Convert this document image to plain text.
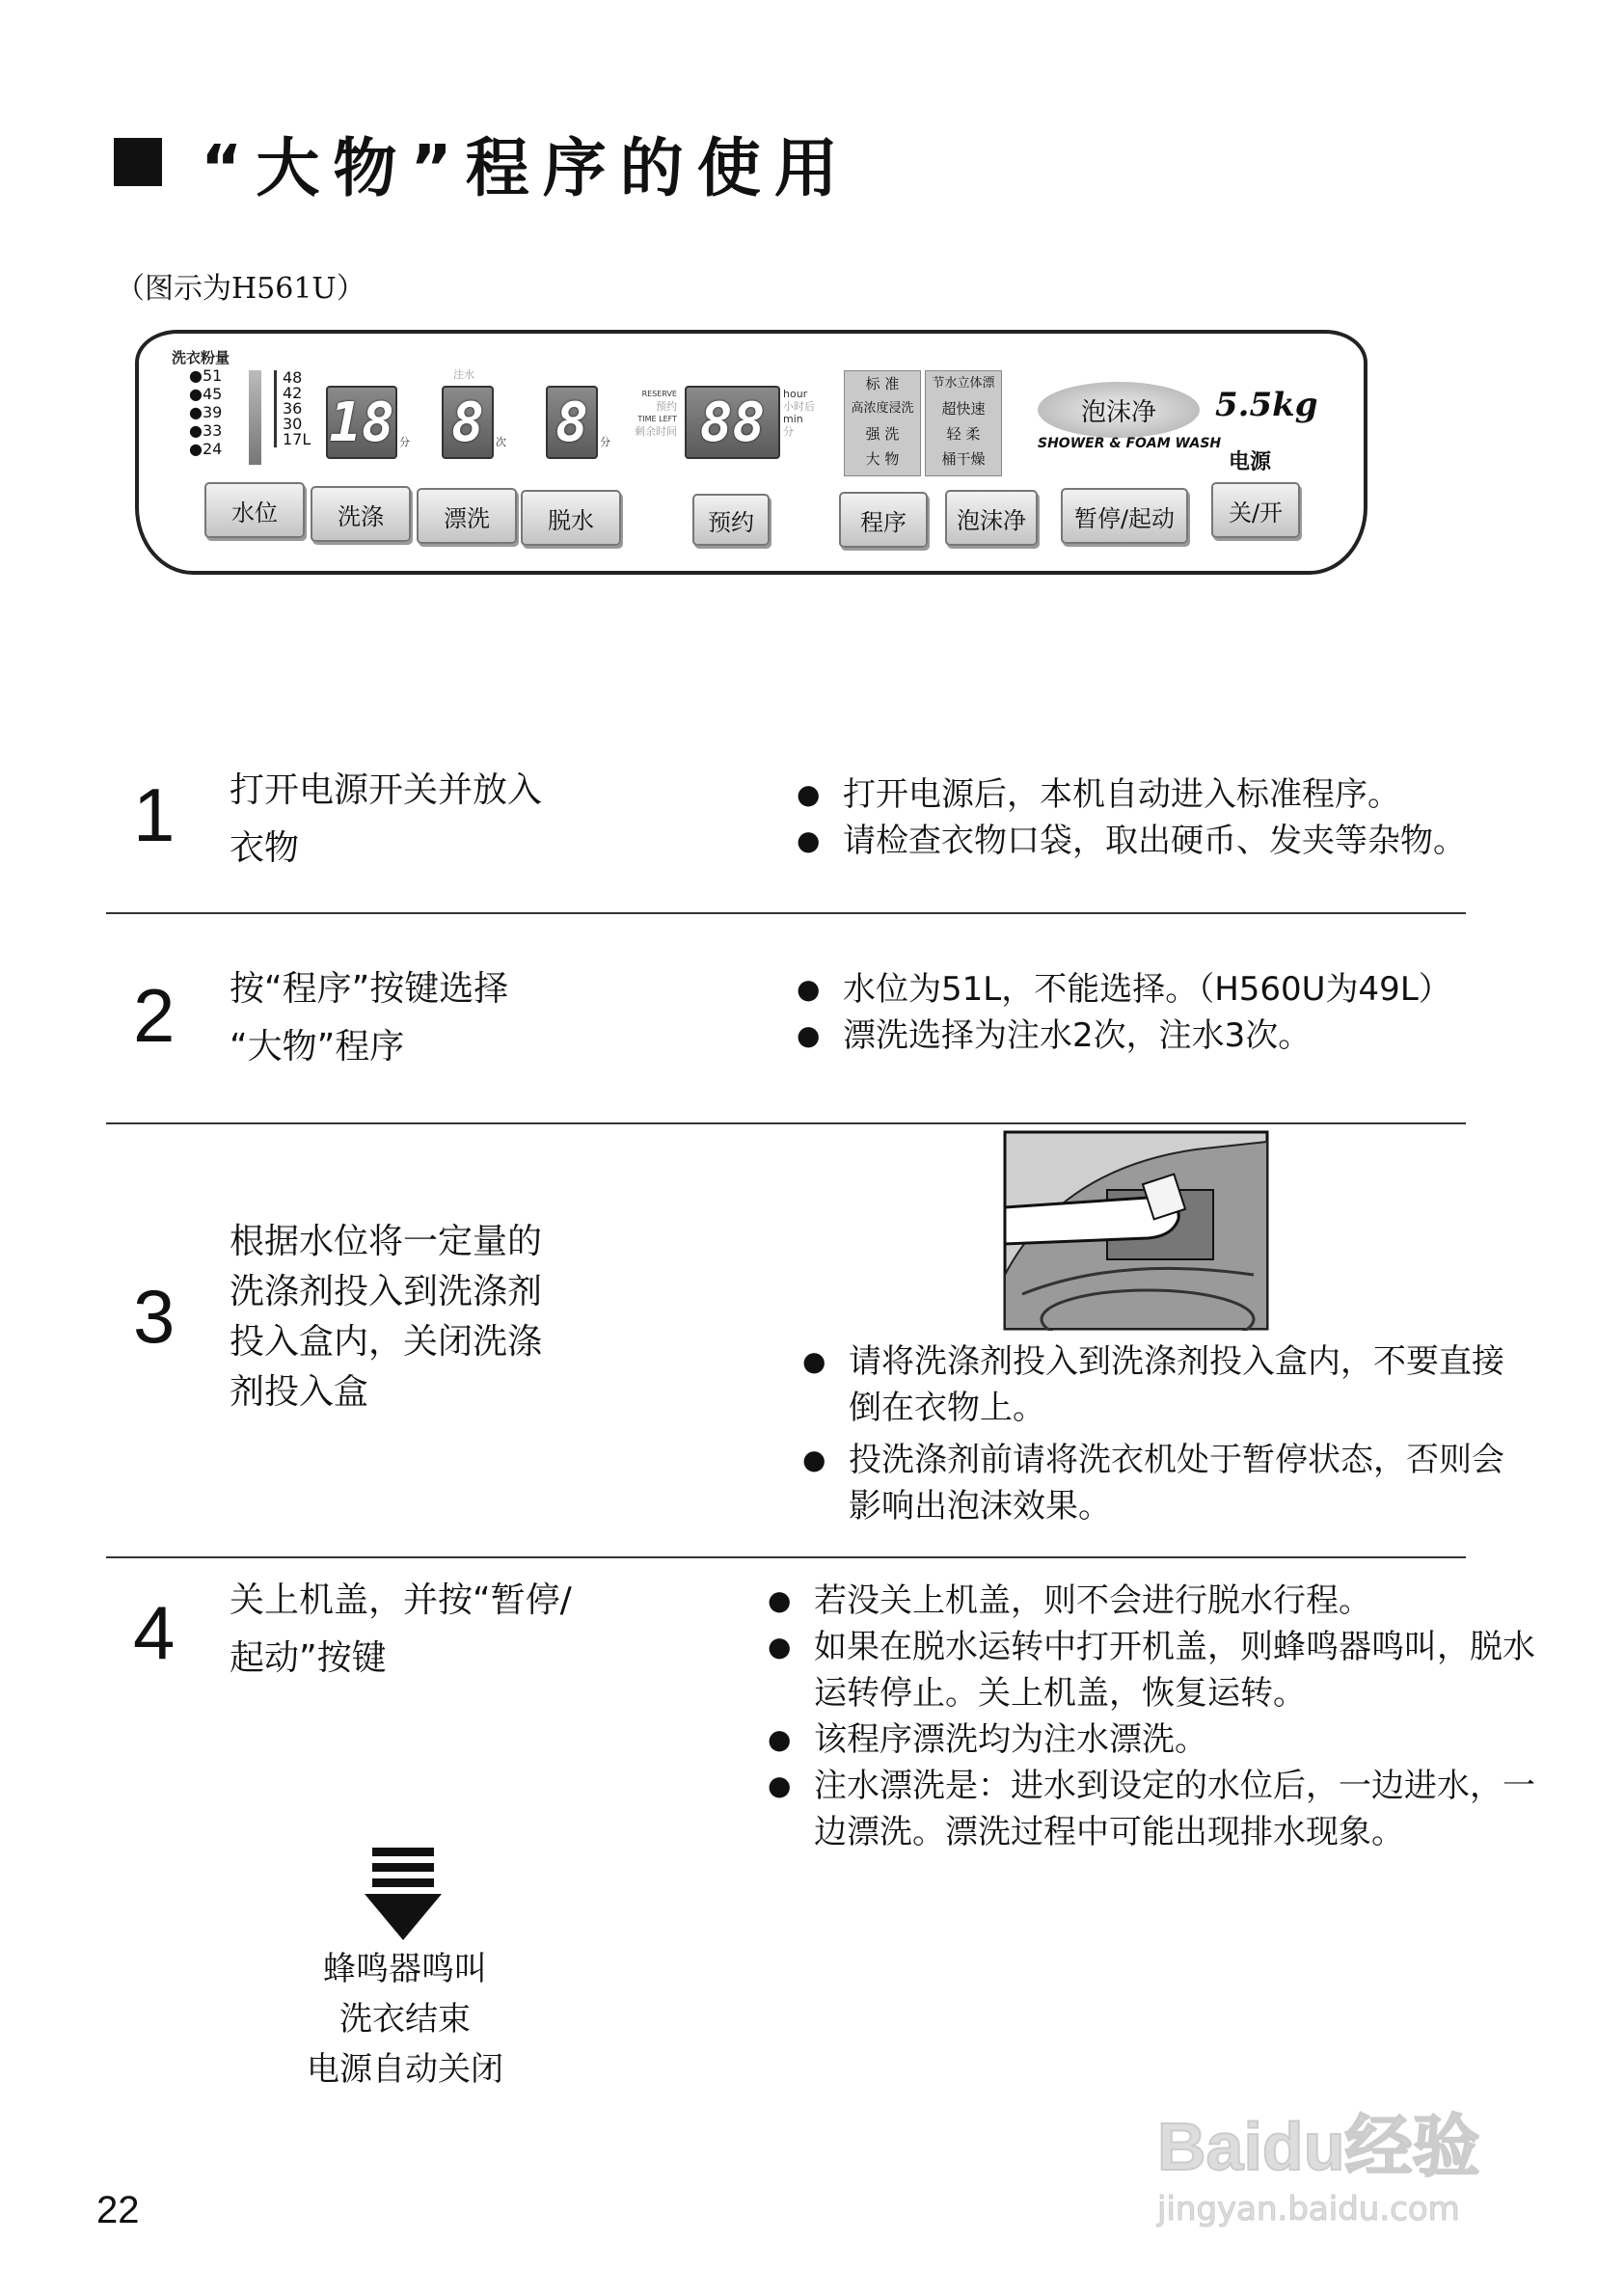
“大物”程序的使用
（图示为H561U）
洗衣粉量
●51
●45
●39
●33
●24
48
42
36
30
17L 18 分
注水
8 次 8 分
RESERVE
预约
TIME LEFT
剩余时间 88 hour
小时后
min
分
标 准
高浓度浸洗
强 洗
大 物
节水立体漂
超快速
轻 柔
桶干燥
泡沫净
SHOWER & FOAM WASH
5.5kg
电源
水位	洗涤	漂洗	脱水	预约	程序	泡沫净	暂停/起动	关/开
1 打开电源开关并放入
衣物
● 打开电源后，本机自动进入标准程序。
● 请检查衣物口袋，取出硬币、发夹等杂物。
2 按“程序”按键选择
“大物”程序
● 水位为51L，不能选择。（H560U为49L）
● 漂洗选择为注水2次，注水3次。
3
根据水位将一定量的
洗涤剂投入到洗涤剂
投入盒内，关闭洗涤
剂投入盒
● 请将洗涤剂投入到洗涤剂投入盒内，不要直接倒在衣物上。
● 投洗涤剂前请将洗衣机处于暂停状态，否则会影响出泡沫效果。
4 关上机盖，并按“暂停/
起动”按键
● 若没关上机盖，则不会进行脱水行程。
● 如果在脱水运转中打开机盖，则蜂鸣器鸣叫，脱水运转停止。关上机盖，恢复运转。
● 该程序漂洗均为注水漂洗。
● 注水漂洗是：进水到设定的水位后，一边进水，一边漂洗。漂洗过程中可能出现排水现象。
蜂鸣器鸣叫
洗衣结束
电源自动关闭
22
Baidu经验
jingyan.baidu.com
